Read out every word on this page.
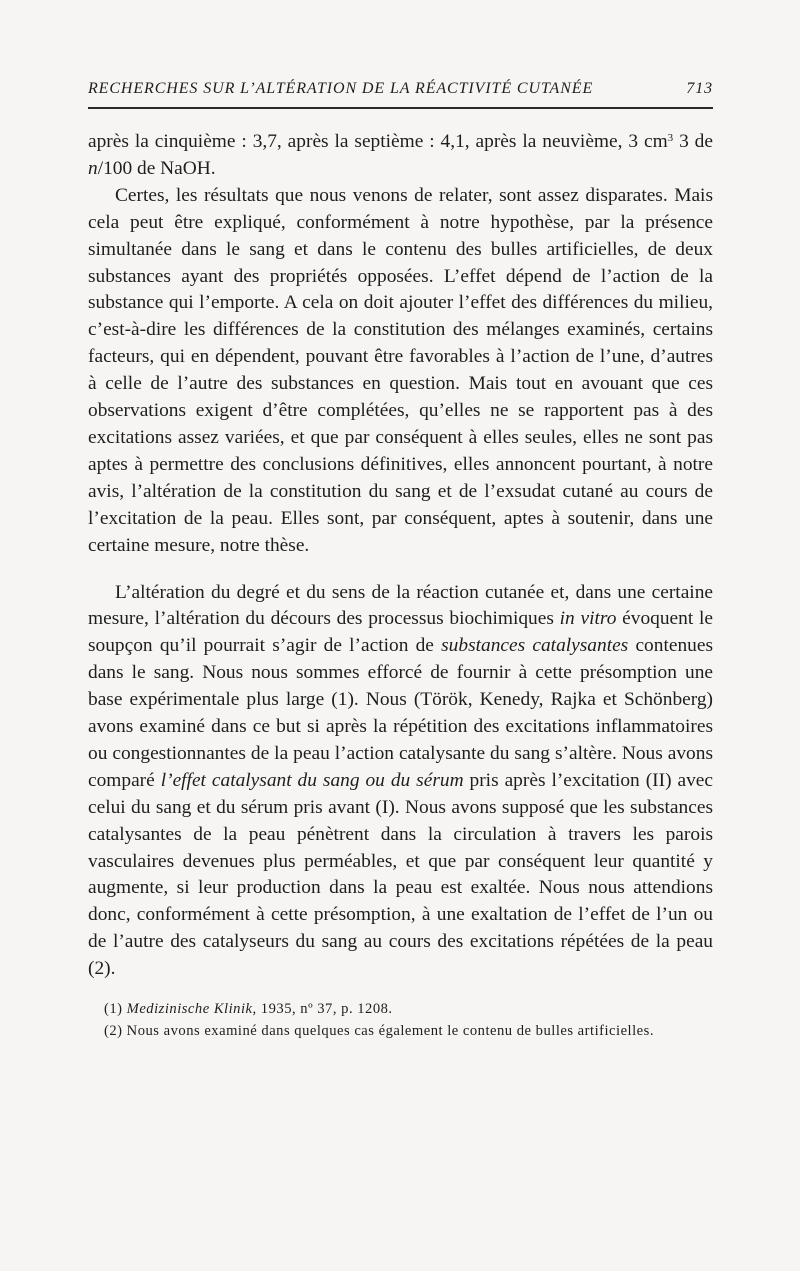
RECHERCHES SUR L’ALTÉRATION DE LA RÉACTIVITÉ CUTANÉE	713

après la cinquième : 3,7, après la septième : 4,1, après la neuvième, 3 $cm^3$ 3 de n/100 de NaOH.

Certes, les résultats que nous venons de relater, sont assez disparates. Mais cela peut être expliqué, conformément à notre hypothèse, par la présence simultanée dans le sang et dans le contenu des bulles artificielles, de deux substances ayant des propriétés opposées. L’effet dépend de l’action de la substance qui l’emporte. A cela on doit ajouter l’effet des différences du milieu, c’est-à-dire les différences de la constitution des mélanges examinés, certains facteurs, qui en dépendent, pouvant être favorables à l’action de l’une, d’autres à celle de l’autre des substances en question. Mais tout en avouant que ces observations exigent d’être complétées, qu’elles ne se rapportent pas à des excitations assez variées, et que par conséquent à elles seules, elles ne sont pas aptes à permettre des conclusions définitives, elles annoncent pourtant, à notre avis, l’altération de la constitution du sang et de l’exsudat cutané au cours de l’excitation de la peau. Elles sont, par conséquent, aptes à soutenir, dans une certaine mesure, notre thèse.

L’altération du degré et du sens de la réaction cutanée et, dans une certaine mesure, l’altération du décours des processus biochimiques in vitro évoquent le soupçon qu’il pourrait s’agir de l’action de substances catalysantes contenues dans le sang. Nous nous sommes efforcé de fournir à cette présomption une base expérimentale plus large (1). Nous (Török, Kenedy, Rajka et Schönberg) avons examiné dans ce but si après la répétition des excitations inflammatoires ou congestionnantes de la peau l’action catalysante du sang s’altère. Nous avons comparé l’effet catalysant du sang ou du sérum pris après l’excitation (II) avec celui du sang et du sérum pris avant (I). Nous avons supposé que les substances catalysantes de la peau pénètrent dans la circulation à travers les parois vasculaires devenues plus perméables, et que par conséquent leur quantité y augmente, si leur production dans la peau est exaltée. Nous nous attendions donc, conformément à cette présomption, à une exaltation de l’effet de l’un ou de l’autre des catalyseurs du sang au cours des excitations répétées de la peau (2).

(1) Medizinische Klinik, 1935, nº 37, p. 1208.

(2) Nous avons examiné dans quelques cas également le contenu de bulles artificielles.
